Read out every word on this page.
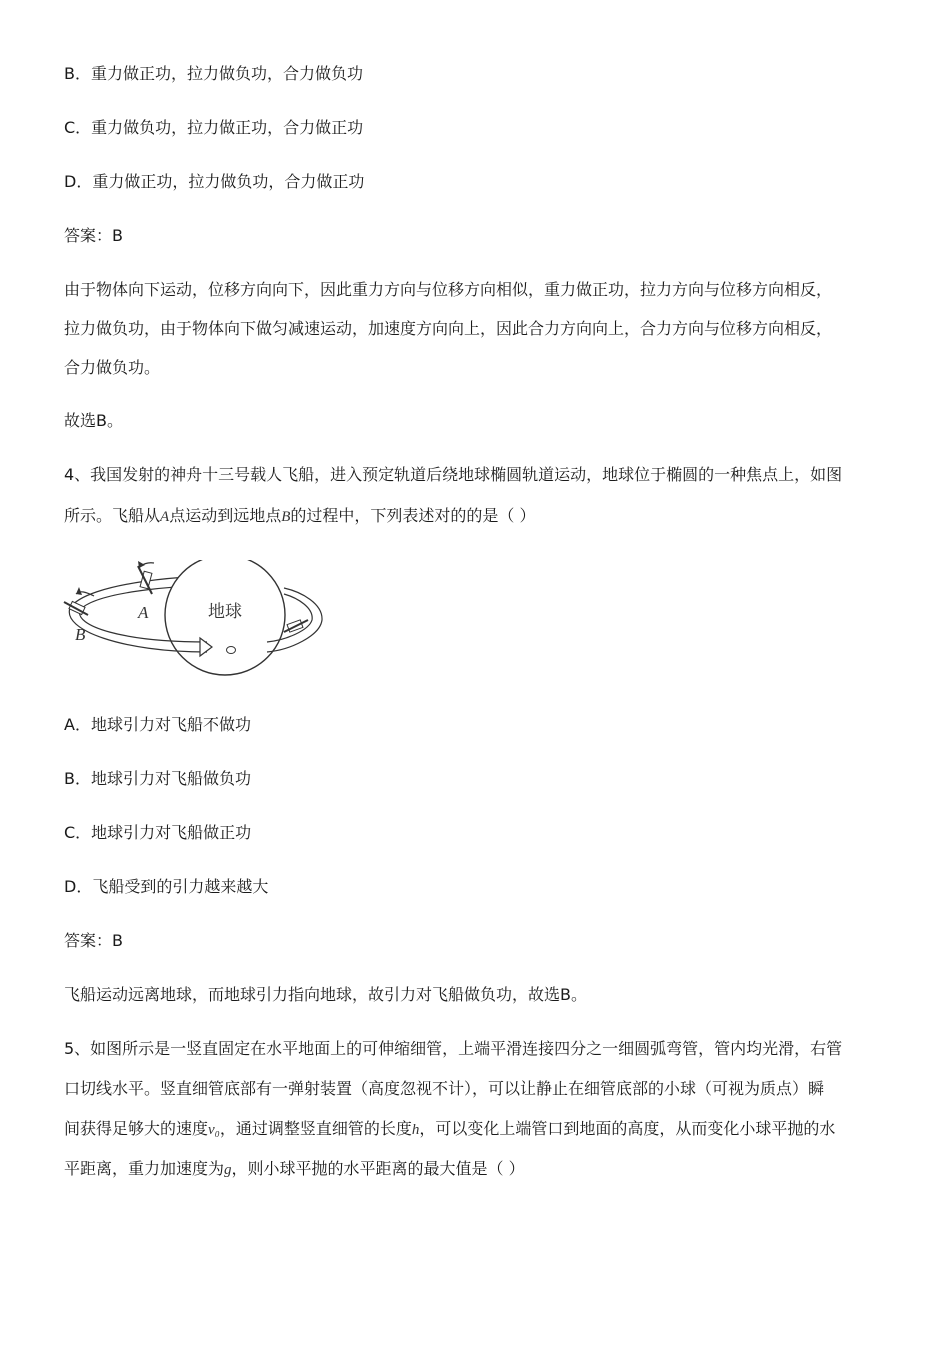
B．重力做正功，拉力做负功，合力做负功
C．重力做负功，拉力做正功，合力做正功
D．重力做正功，拉力做负功，合力做正功
答案：B
由于物体向下运动，位移方向向下，因此重力方向与位移方向相似，重力做正功，拉力方向与位移方向相反，
拉力做负功，由于物体向下做匀减速运动，加速度方向向上，因此合力方向向上，合力方向与位移方向相反，
合力做负功。
故选B。
4、我国发射的神舟十三号载人飞船，进入预定轨道后绕地球椭圆轨道运动，地球位于椭圆的一种焦点上，如图
所示。飞船从A点运动到远地点B的过程中，下列表述对的的是（ ）
地球
A
B
A．地球引力对飞船不做功
B．地球引力对飞船做负功
C．地球引力对飞船做正功
D．飞船受到的引力越来越大
答案：B
飞船运动远离地球，而地球引力指向地球，故引力对飞船做负功，故选B。
5、如图所示是一竖直固定在水平地面上的可伸缩细管，上端平滑连接四分之一细圆弧弯管，管内均光滑，右管
口切线水平。竖直细管底部有一弹射装置（高度忽视不计），可以让静止在细管底部的小球（可视为质点）瞬
间获得足够大的速度v₀，通过调整竖直细管的长度h，可以变化上端管口到地面的高度，从而变化小球平抛的水
平距离，重力加速度为g，则小球平抛的水平距离的最大值是（ ）
